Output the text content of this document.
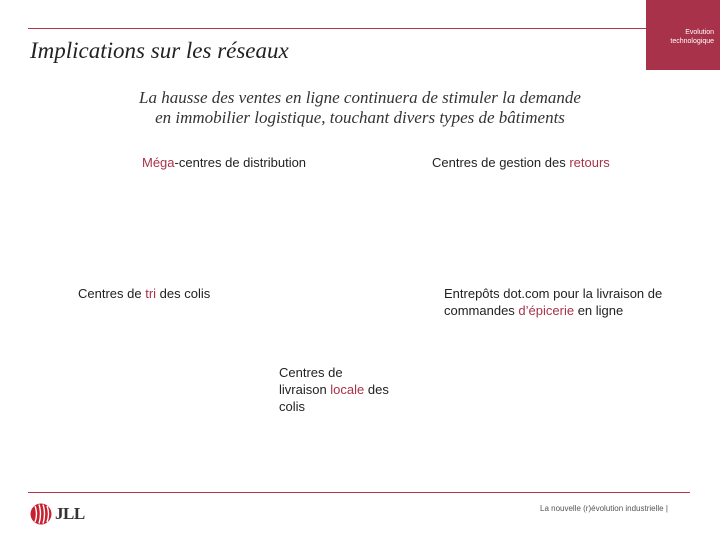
Evolution
technologique
Implications sur les réseaux
La hausse des ventes en ligne continuera de stimuler la demande
en immobilier logistique, touchant divers types de bâtiments
Méga-centres de distribution	Centres de gestion des retours
Centres de tri des colis	Entrepôts dot.com pour la livraison de
commandes d’épicerie en ligne
Centres de
livraison locale des
colis
JLL	La nouvelle (r)évolution industrielle |
